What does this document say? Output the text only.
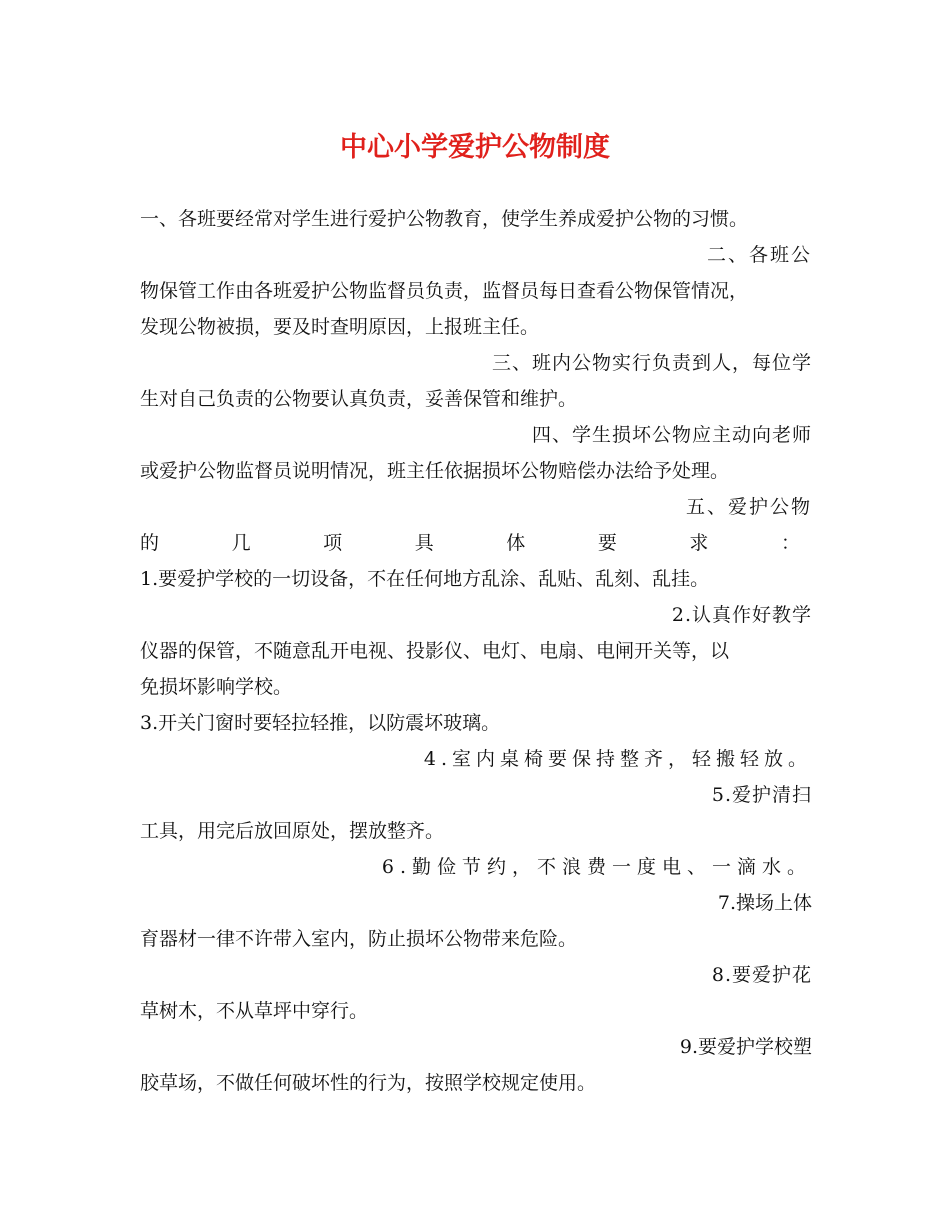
中心小学爱护公物制度
一、各班要经常对学生进行爱护公物教育，使学生养成爱护公物的习惯。
二、各班公
物保管工作由各班爱护公物监督员负责，监督员每日查看公物保管情况，
发现公物被损，要及时查明原因，上报班主任。
三、班内公物实行负责到人，每位学
生对自己负责的公物要认真负责，妥善保管和维护。
四、学生损坏公物应主动向老师
或爱护公物监督员说明情况，班主任依据损坏公物赔偿办法给予处理。
五、爱护公物
的	几	项	具	体	要	求	：
1.要爱护学校的一切设备，不在任何地方乱涂、乱贴、乱刻、乱挂。
2.认真作好教学
仪器的保管，不随意乱开电视、投影仪、电灯、电扇、电闸开关等，以
免损坏影响学校。
3.开关门窗时要轻拉轻推，以防震坏玻璃。
4.室内桌椅要保持整齐，轻搬轻放。
5.爱护清扫
工具，用完后放回原处，摆放整齐。
6.勤俭节约，不浪费一度电、一滴水。
7.操场上体
育器材一律不许带入室内，防止损坏公物带来危险。
8.要爱护花
草树木，不从草坪中穿行。
9.要爱护学校塑
胶草场，不做任何破坏性的行为，按照学校规定使用。
